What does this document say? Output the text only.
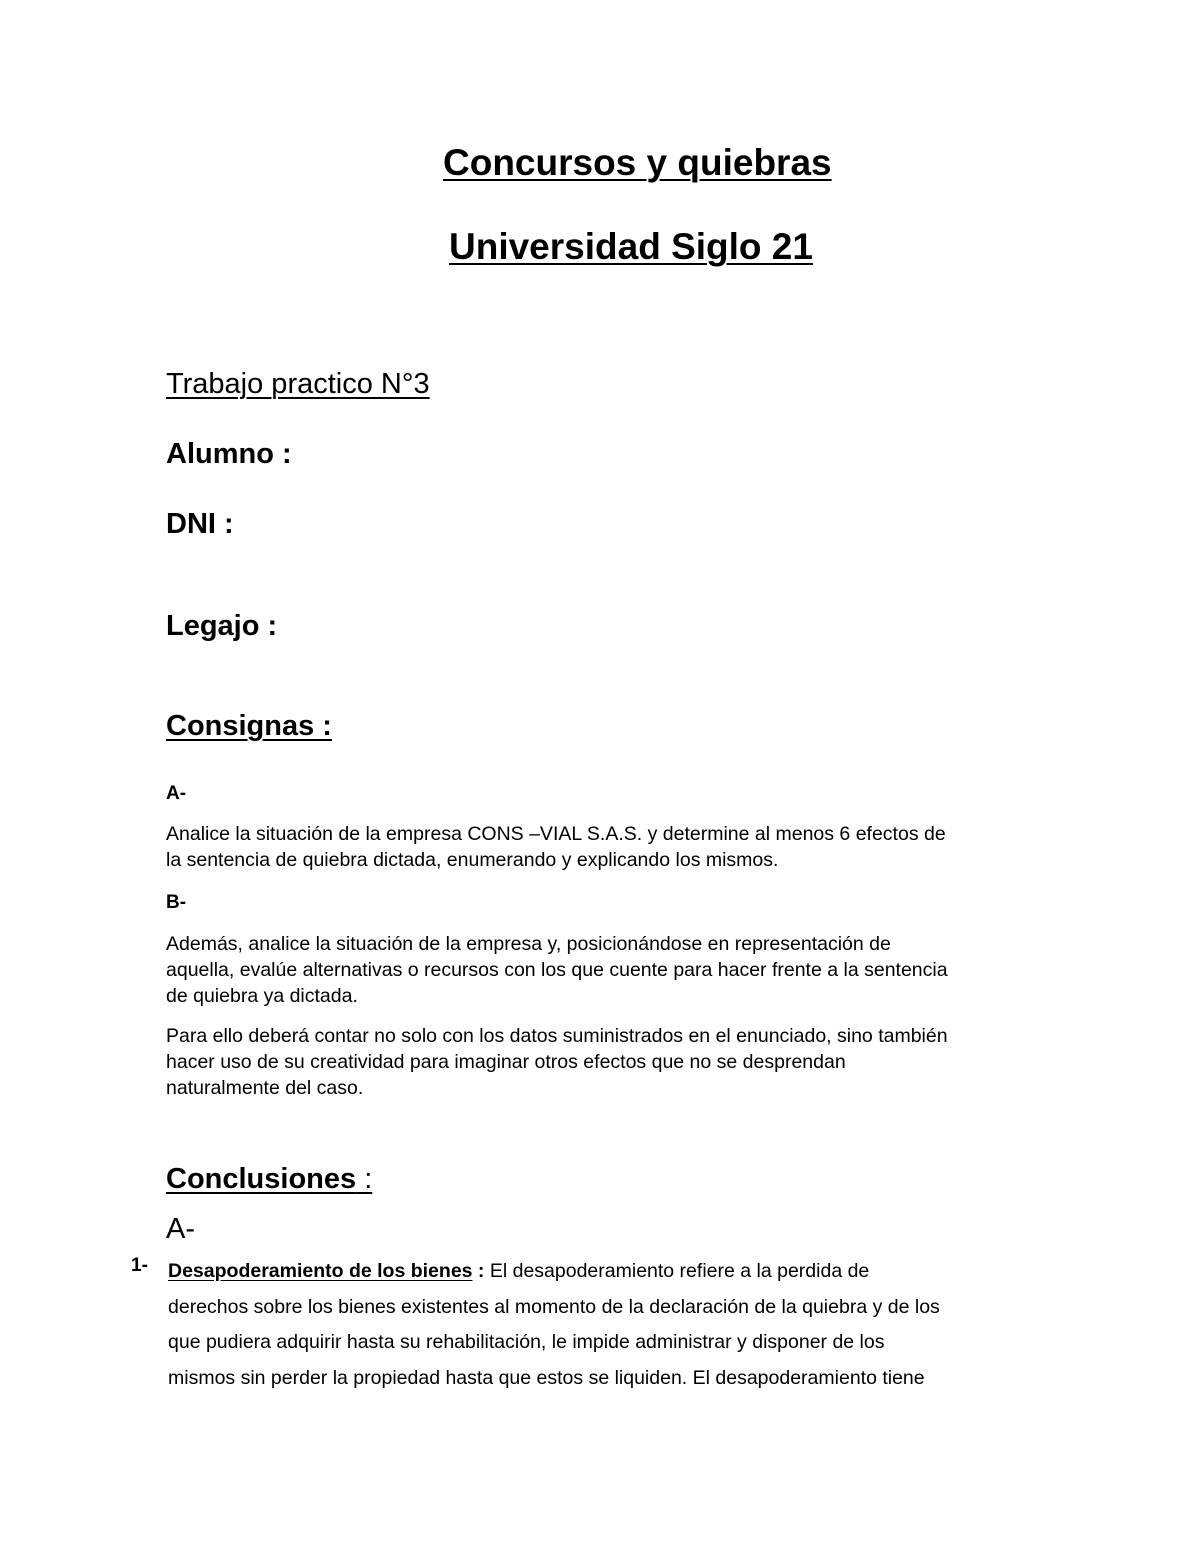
Concursos y quiebras
Universidad Siglo 21
Trabajo practico N°3
Alumno :
DNI :
Legajo :
Consignas :
A-

Analice la situación de la empresa CONS –VIAL S.A.S. y determine al menos 6 efectos de
la sentencia de quiebra dictada, enumerando y explicando los mismos.

B-

Además, analice la situación de la empresa y, posicionándose en representación de
aquella, evalúe alternativas o recursos con los que cuente para hacer frente a la sentencia
de quiebra ya dictada.

Para ello deberá contar no solo con los datos suministrados en el enunciado, sino también
hacer uso de su creatividad para imaginar otros efectos que no se desprendan
naturalmente del caso.

Conclusiones :
A-
1- Desapoderamiento de los bienes : El desapoderamiento refiere a la perdida de
derechos sobre los bienes existentes al momento de la declaración de la quiebra y de los
que pudiera adquirir hasta su rehabilitación, le impide administrar y disponer de los
mismos sin perder la propiedad hasta que estos se liquiden. El desapoderamiento tiene
